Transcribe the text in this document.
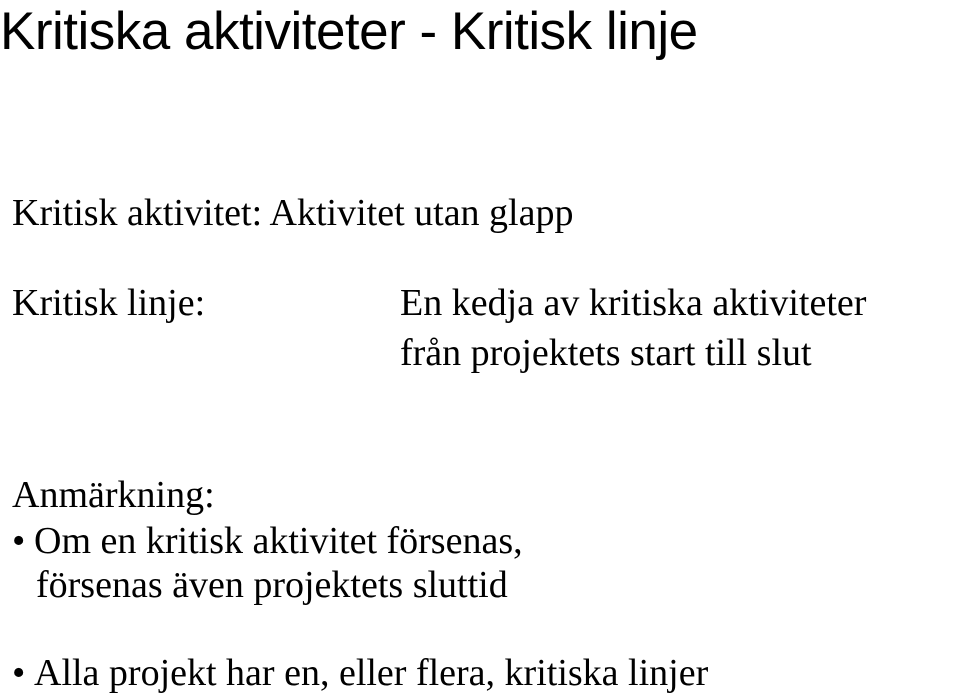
Kritiska aktiviteter - Kritisk linje
Kritisk aktivitet: Aktivitet utan glapp
Kritisk linje:	En kedja av kritiska aktiviteter
från projektets start till slut
Anmärkning:
• Om en kritisk aktivitet försenas,
försenas även projektets sluttid
• Alla projekt har en, eller flera, kritiska linjer
